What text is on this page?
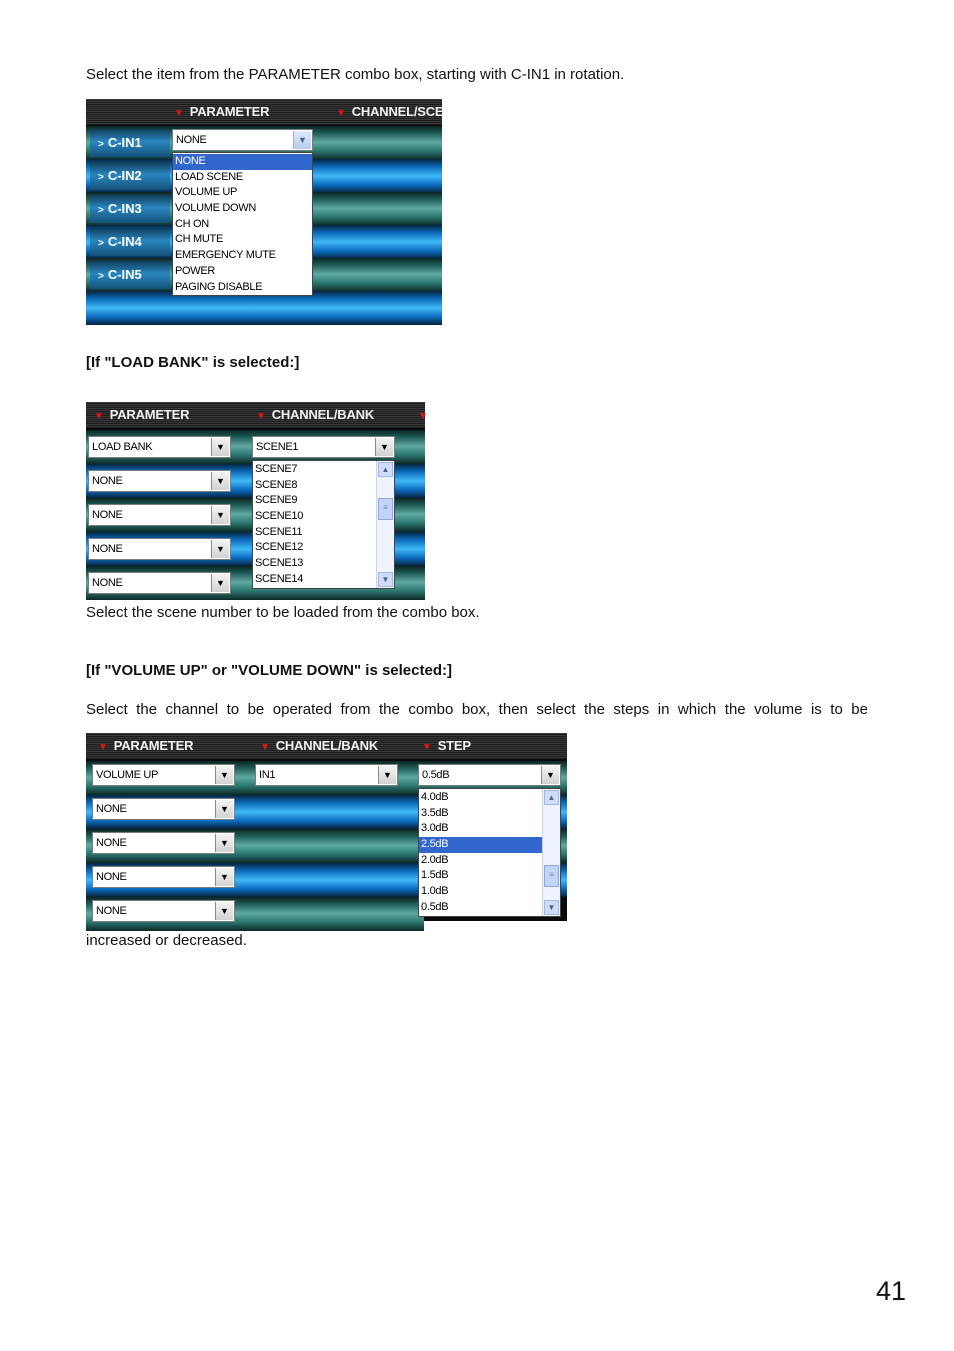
Select the item from the PARAMETER combo box, starting with C-IN1 in rotation.

▼ PARAMETER	▼ CHANNEL/SCE
> C-IN1	NONE	▼
> C-IN2
> C-IN3
> C-IN4
> C-IN5
NONE
LOAD SCENE
VOLUME UP
VOLUME DOWN
CH ON
CH MUTE
EMERGENCY MUTE
POWER
PAGING DISABLE

[If "LOAD BANK" is selected:]

▼ PARAMETER	▼ CHANNEL/BANK	▼
LOAD BANK	▼	SCENE1	▼
NONE	▼
NONE	▼
NONE	▼
NONE	▼
SCENE7
SCENE8
SCENE9
SCENE10
SCENE11
SCENE12
SCENE13
SCENE14
▲
≡
▼

Select the scene number to be loaded from the combo box.

[If "VOLUME UP" or "VOLUME DOWN" is selected:]

Select the channel to be operated from the combo box, then select the steps in which the volume is to be

▼ PARAMETER	▼ CHANNEL/BANK	▼ STEP
VOLUME UP	▼	IN1	▼	0.5dB	▼
NONE	▼
NONE	▼
NONE	▼
NONE	▼
4.0dB
3.5dB
3.0dB
2.5dB
2.0dB
1.5dB
1.0dB
0.5dB
▲
≡
▼

increased or decreased.

41
